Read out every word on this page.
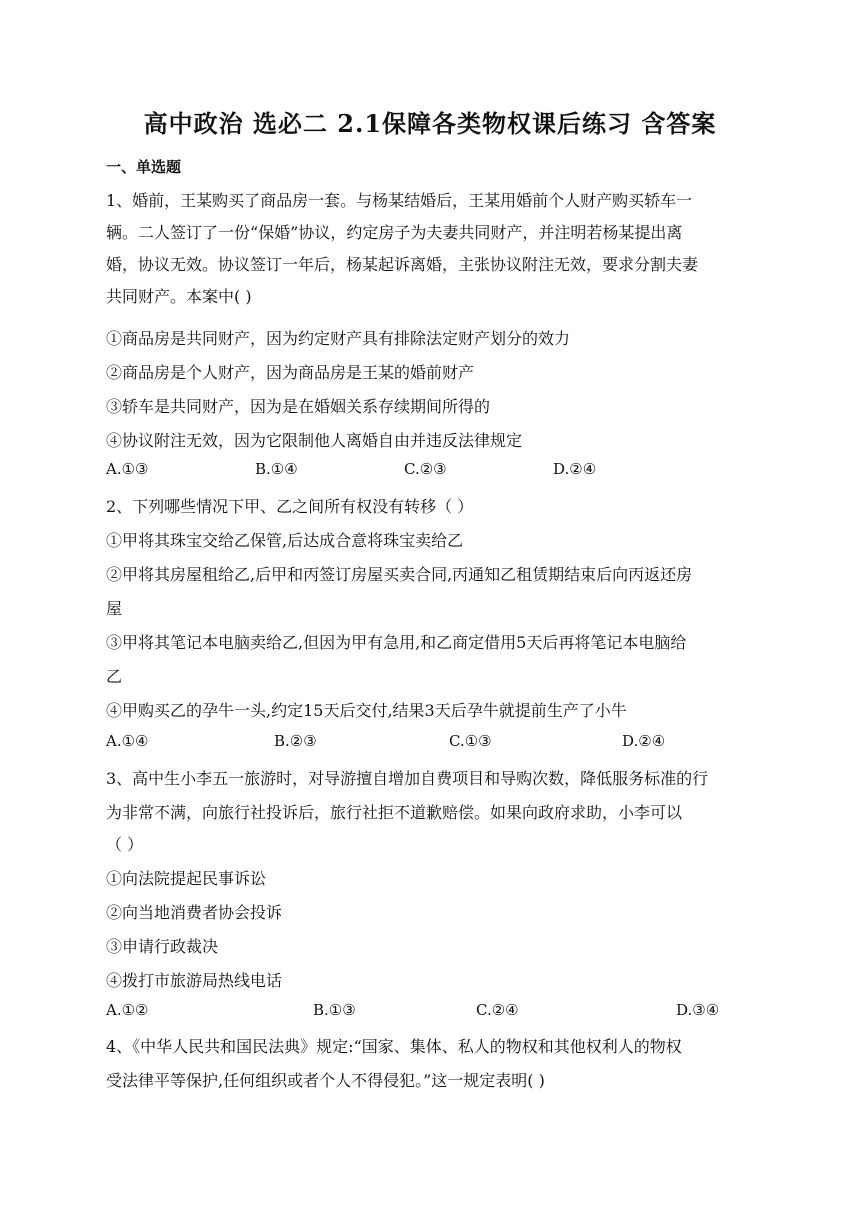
高中政治 选必二 2.1保障各类物权课后练习 含答案
一、单选题
1、婚前，王某购买了商品房一套。与杨某结婚后，王某用婚前个人财产购买轿车一
辆。二人签订了一份“保婚”协议，约定房子为夫妻共同财产，并注明若杨某提出离
婚，协议无效。协议签订一年后，杨某起诉离婚，主张协议附注无效，要求分割夫妻
共同财产。本案中( )
①商品房是共同财产，因为约定财产具有排除法定财产划分的效力
②商品房是个人财产，因为商品房是王某的婚前财产
③轿车是共同财产，因为是在婚姻关系存续期间所得的
④协议附注无效，因为它限制他人离婚自由并违反法律规定
A.①③	B.①④	C.②③	D.②④
2、下列哪些情况下甲、乙之间所有权没有转移（ ）
①甲将其珠宝交给乙保管,后达成合意将珠宝卖给乙
②甲将其房屋租给乙,后甲和丙签订房屋买卖合同,丙通知乙租赁期结束后向丙返还房
屋
③甲将其笔记本电脑卖给乙,但因为甲有急用,和乙商定借用5天后再将笔记本电脑给
乙
④甲购买乙的孕牛一头,约定15天后交付,结果3天后孕牛就提前生产了小牛
A.①④	B.②③	C.①③	D.②④
3、高中生小李五一旅游时，对导游擅自增加自费项目和导购次数，降低服务标准的行
为非常不满，向旅行社投诉后，旅行社拒不道歉赔偿。如果向政府求助，小李可以
（ ）
①向法院提起民事诉讼
②向当地消费者协会投诉
③申请行政裁决
④拨打市旅游局热线电话
A.①②	B.①③	C.②④	D.③④
4、《中华人民共和国民法典》规定:“国家、集体、私人的物权和其他权利人的物权
受法律平等保护,任何组织或者个人不得侵犯。”这一规定表明( )
